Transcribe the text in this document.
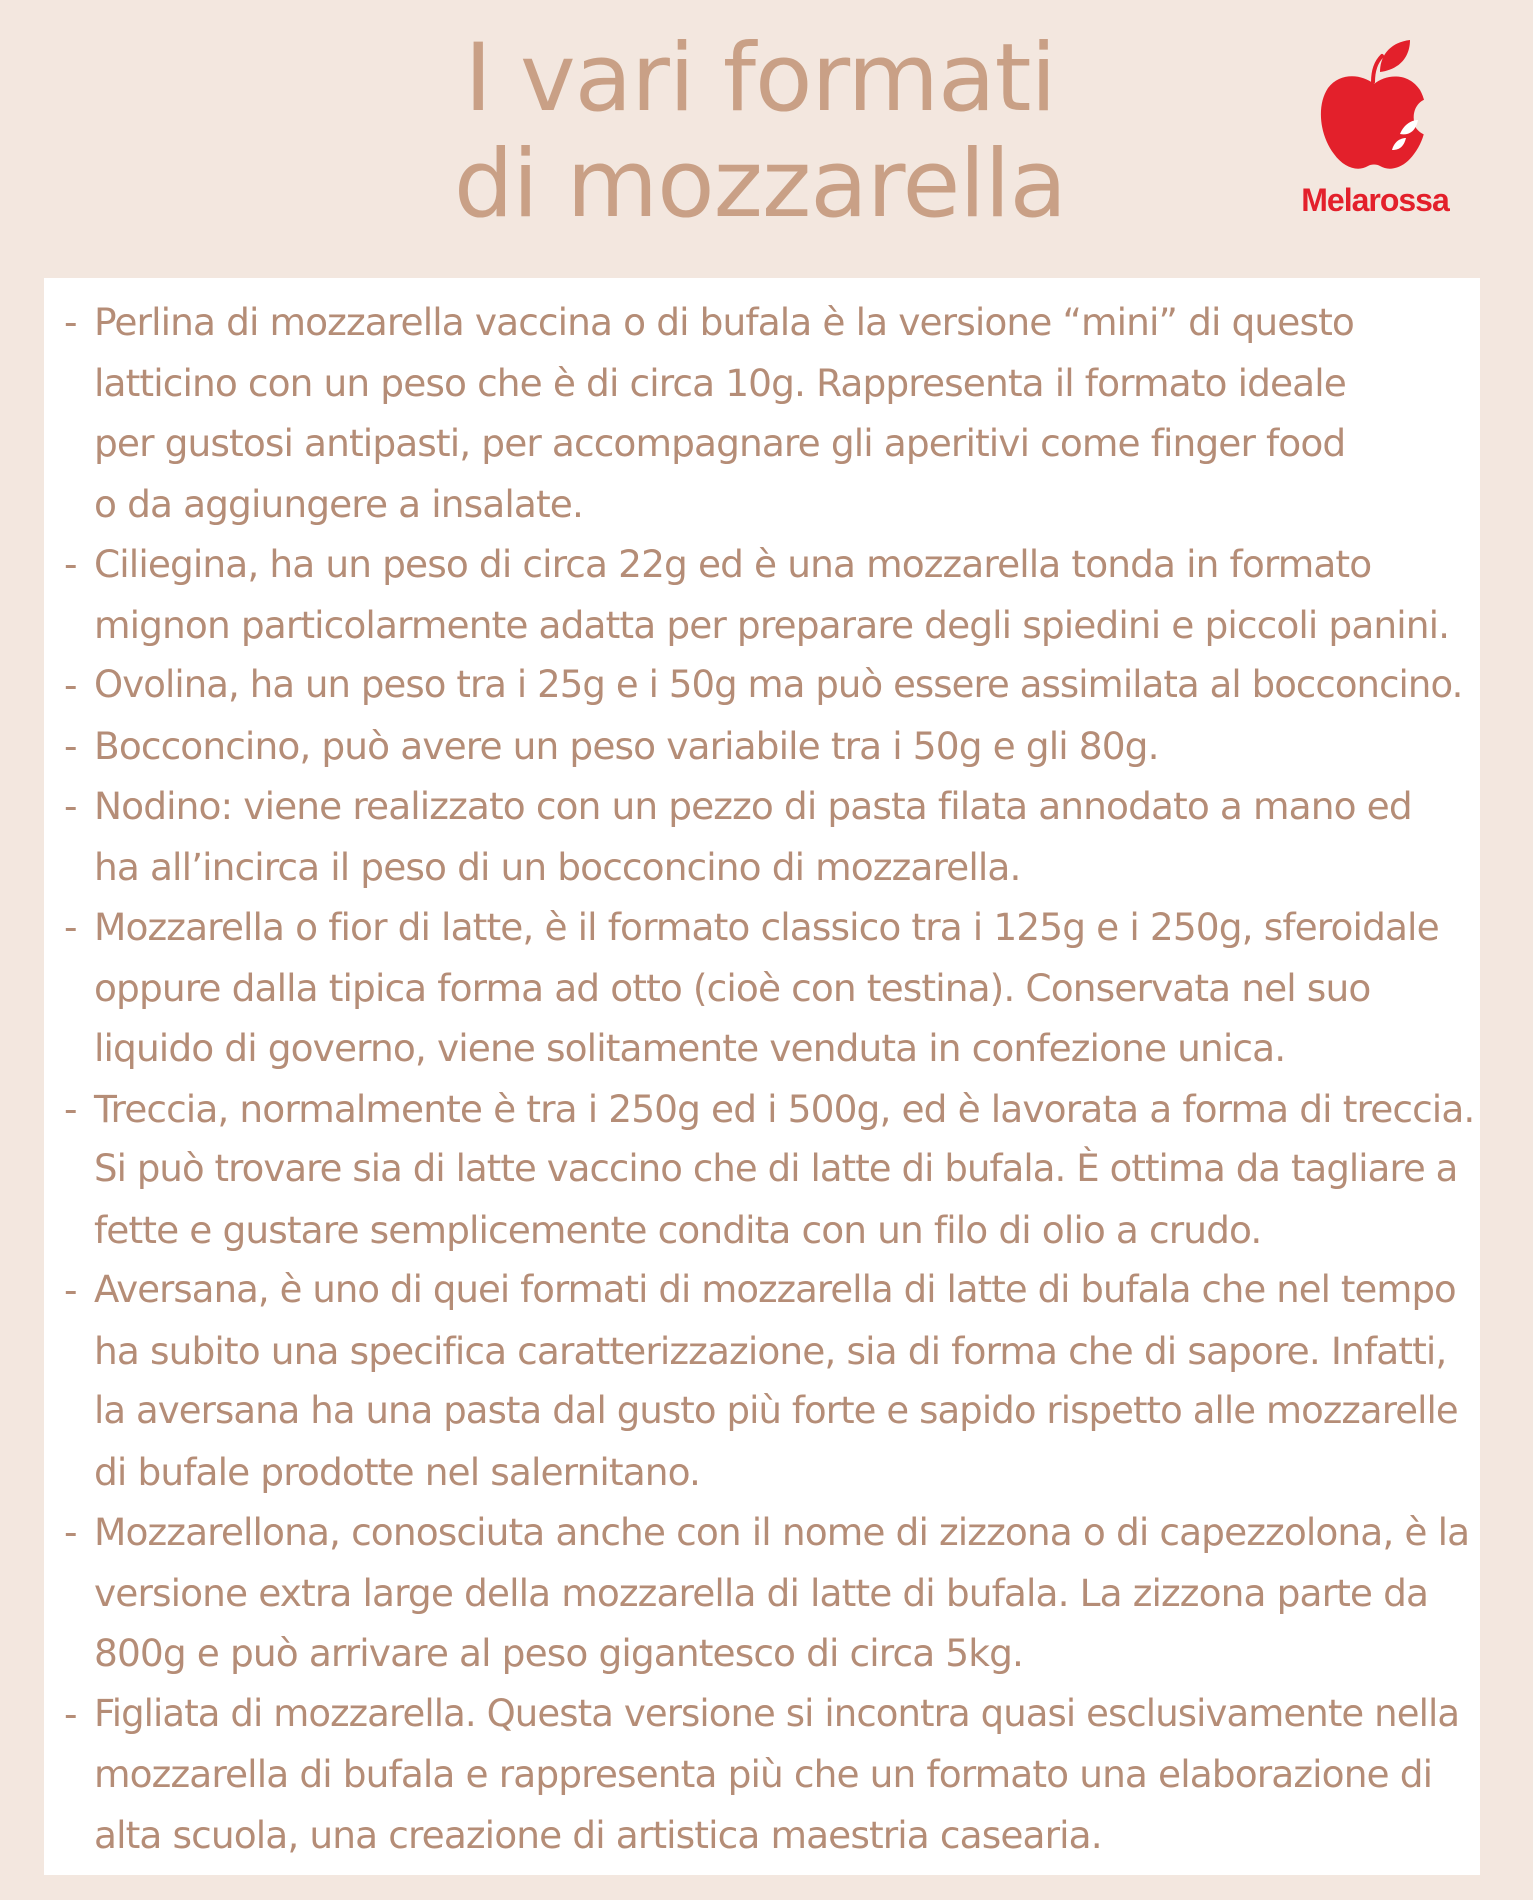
I vari formati
di mozzarella	Melarossa
- Perlina di mozzarella vaccina o di bufala è la versione “mini” di questo
latticino con un peso che è di circa 10g. Rappresenta il formato ideale
per gustosi antipasti, per accompagnare gli aperitivi come finger food
o da aggiungere a insalate.
- Ciliegina, ha un peso di circa 22g ed è una mozzarella tonda in formato
mignon particolarmente adatta per preparare degli spiedini e piccoli panini.
- Ovolina, ha un peso tra i 25g e i 50g ma può essere assimilata al bocconcino.
- Bocconcino, può avere un peso variabile tra i 50g e gli 80g.
- Nodino: viene realizzato con un pezzo di pasta filata annodato a mano ed
ha all’incirca il peso di un bocconcino di mozzarella.
- Mozzarella o fior di latte, è il formato classico tra i 125g e i 250g, sferoidale
oppure dalla tipica forma ad otto (cioè con testina). Conservata nel suo
liquido di governo, viene solitamente venduta in confezione unica.
- Treccia, normalmente è tra i 250g ed i 500g, ed è lavorata a forma di treccia.
Si può trovare sia di latte vaccino che di latte di bufala. È ottima da tagliare a
fette e gustare semplicemente condita con un filo di olio a crudo.
- Aversana, è uno di quei formati di mozzarella di latte di bufala che nel tempo
ha subito una specifica caratterizzazione, sia di forma che di sapore. Infatti,
la aversana ha una pasta dal gusto più forte e sapido rispetto alle mozzarelle
di bufale prodotte nel salernitano.
- Mozzarellona, conosciuta anche con il nome di zizzona o di capezzolona, è la
versione extra large della mozzarella di latte di bufala. La zizzona parte da
800g e può arrivare al peso gigantesco di circa 5kg.
- Figliata di mozzarella. Questa versione si incontra quasi esclusivamente nella
mozzarella di bufala e rappresenta più che un formato una elaborazione di
alta scuola, una creazione di artistica maestria casearia.
